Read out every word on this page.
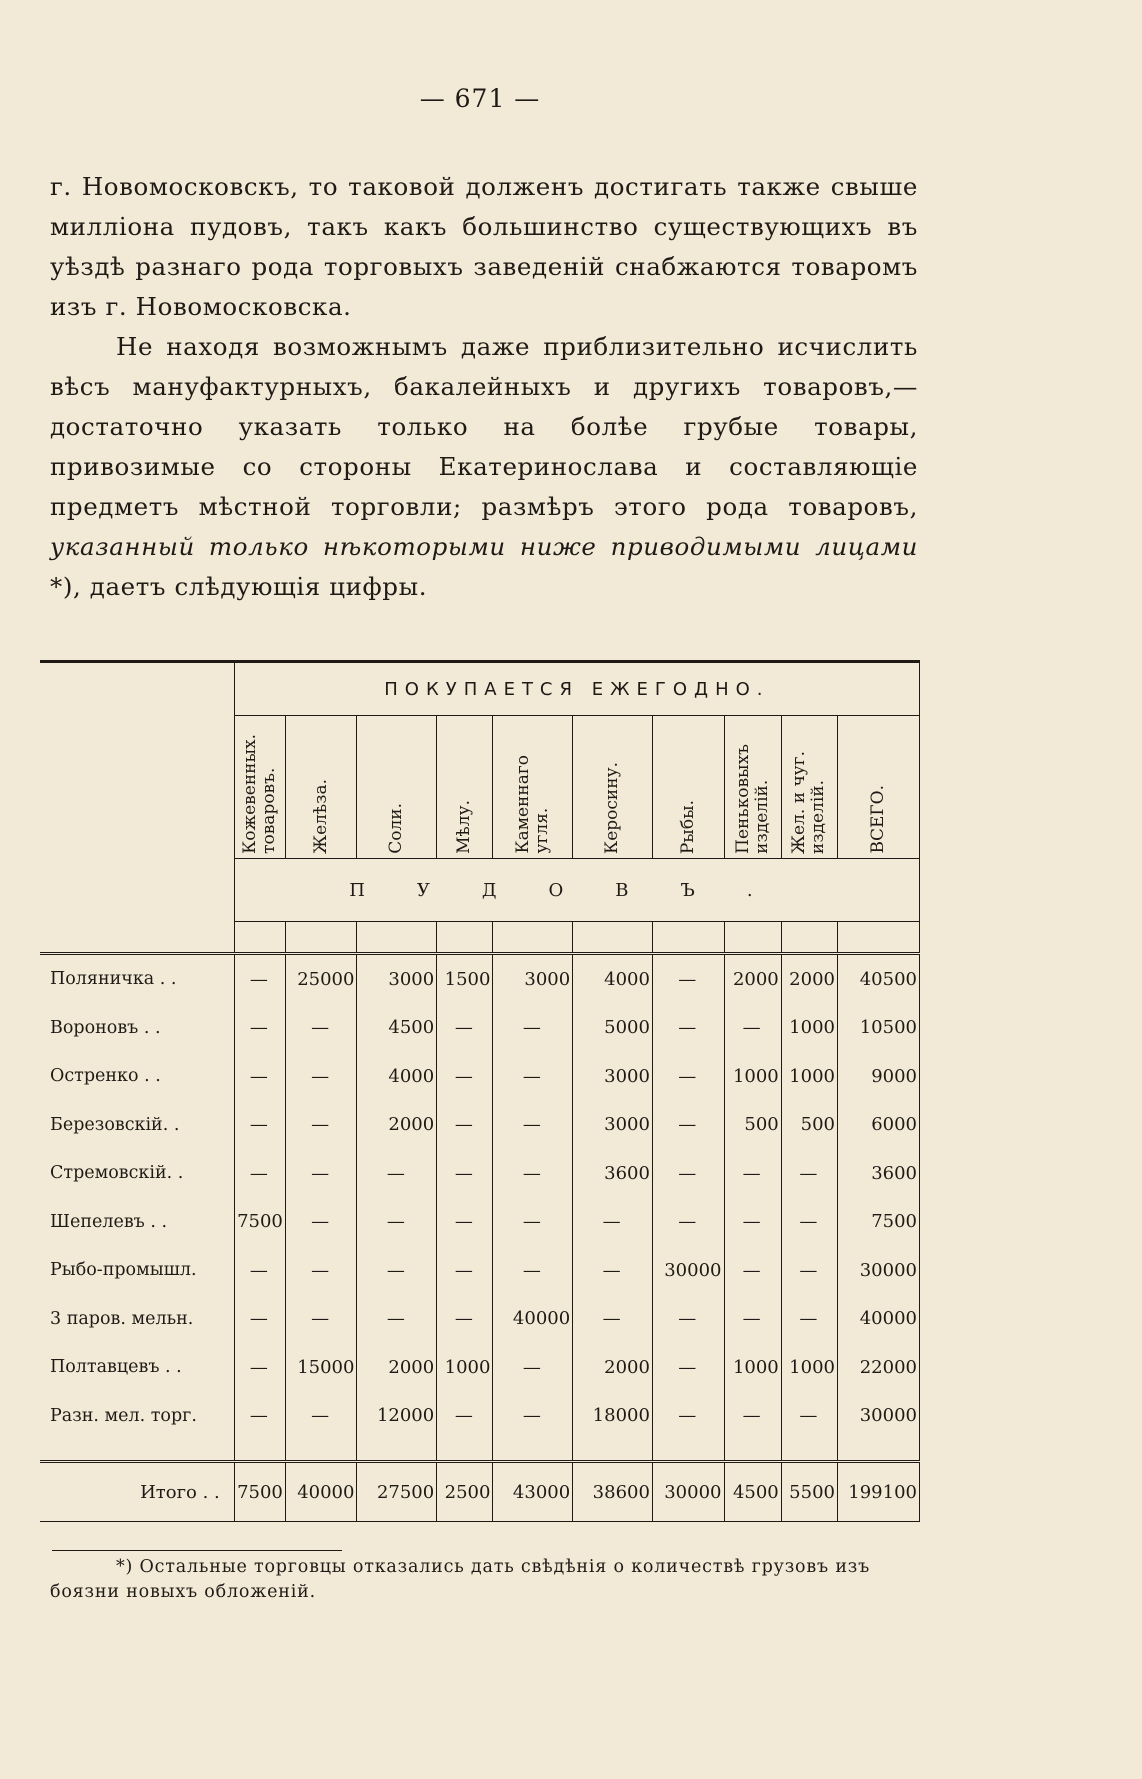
— 671 —

г. Новомосковскъ, то таковой долженъ достигать также свыше милліона пудовъ, такъ какъ большинство существующихъ въ уѣздѣ разнаго рода торговыхъ заведеній снабжаются товаромъ изъ г. Новомосковска.

Не находя возможнымъ даже приблизительно исчислить вѣсъ мануфактурныхъ, бакалейныхъ и другихъ товаровъ,— достаточно указать только на болѣе грубые товары, привозимые со стороны Екатеринослава и составляющіе предметъ мѣстной торговли; размѣръ этого рода товаровъ, указанный только нѣкоторыми ниже приводимыми лицами *), даетъ слѣдующія цифры.

	ПОКУПАЕТСЯ ЕЖЕГОДНО.									

	Кожевенных.
товаровъ.	Желѣза.	Соли.	Мѣлу.	Каменнаго
угля.	Керосину.	Рыбы.	Пеньковыхъ
изделій.	Жел. и чуг.
изделій.	ВСЕГО.

	ПУДОВЪ.									

Поляничка . .	—	25000	3000	1500	3000	4000	—	2000	2000	40500
Вороновъ . .	—	—	4500	—	—	5000	—	—	1000	10500
Остренко . .	—	—	4000	—	—	3000	—	1000	1000	9000
Березовскій. .	—	—	2000	—	—	3000	—	500	500	6000
Стремовскій. .	—	—	—	—	—	3600	—	—	—	3600
Шепелевъ . .	7500	—	—	—	—	—	—	—	—	7500
Рыбо-промышл.	—	—	—	—	—	—	30000	—	—	30000
3 паров. мельн.	—	—	—	—	40000	—	—	—	—	40000
Полтавцевъ . .	—	15000	2000	1000	—	2000	—	1000	1000	22000
Разн. мел. торг.	—	—	12000	—	—	18000	—	—	—	30000

Итого . .	7500	40000	27500	2500	43000	38600	30000	4500	5500	199100
*) Остальные торговцы отказались дать свѣдѣнія о количествѣ грузовъ изъ боязни новыхъ обложеній.
